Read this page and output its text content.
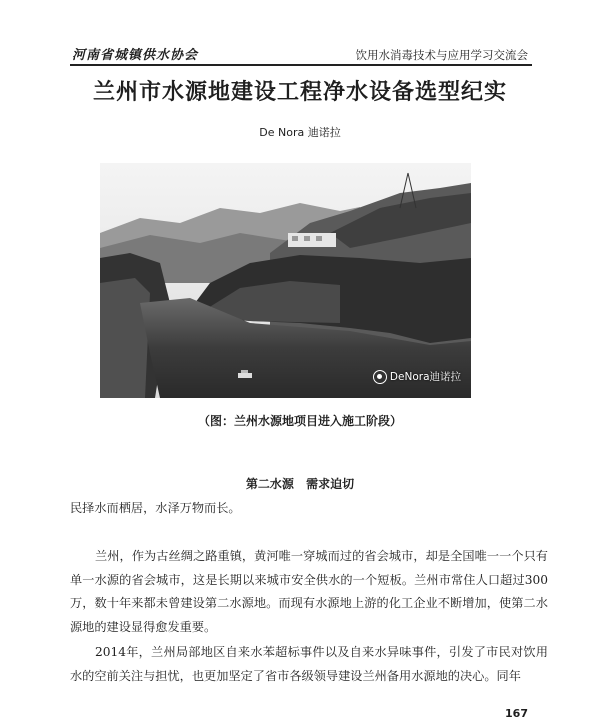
河南省城镇供水协会	饮用水消毒技术与应用学习交流会
兰州市水源地建设工程净水设备选型纪实
De Nora 迪诺拉
DeNora迪诺拉
（图：兰州水源地项目进入施工阶段）
第二水源 需求迫切

民择水而栖居，水泽万物而长。

兰州，作为古丝绸之路重镇，黄河唯一穿城而过的省会城市，却是全国唯一一个只有单一水源的省会城市，这是长期以来城市安全供水的一个短板。兰州市常住人口超过300万，数十年来都未曾建设第二水源地。而现有水源地上游的化工企业不断增加，使第二水源地的建设显得愈发重要。

2014年，兰州局部地区自来水苯超标事件以及自来水异味事件，引发了市民对饮用水的空前关注与担忧，也更加坚定了省市各级领导建设兰州备用水源地的决心。同年

167
